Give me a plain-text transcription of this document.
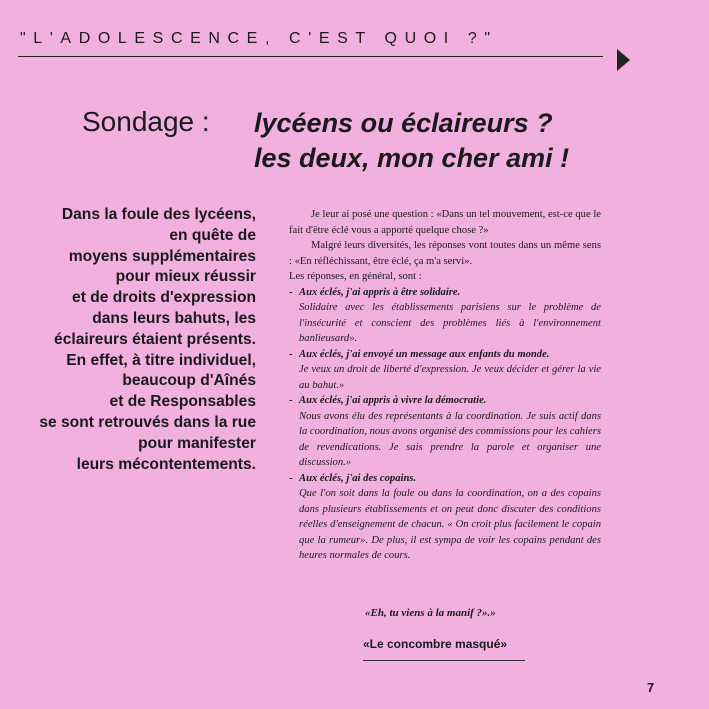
"L'ADOLESCENCE, C'EST QUOI ?"
Sondage : lycéens ou éclaireurs ?
les deux, mon cher ami !
Dans la foule des lycéens,
en quête de
moyens supplémentaires
pour mieux réussir
et de droits d'expression
dans leurs bahuts, les
éclaireurs étaient présents.
En effet, à titre individuel,
beaucoup d'Aînés
et de Responsables
se sont retrouvés dans la rue
pour manifester
leurs mécontentements.

Je leur ai posé une question : «Dans un tel mouvement, est-ce que le fait d'être éclé vous a apporté quelque chose ?»

Malgré leurs diversités, les réponses vont toutes dans un même sens : «En réfléchissant, être éclé, ça m'a servi».

Les réponses, en général, sont :

- Aux éclés, j'ai appris à être solidaire.

Solidaire avec les établissements parisiens sur le problème de l'insécurité et conscient des problèmes liés à l'environnement banlieusard».

- Aux éclés, j'ai envoyé un message aux enfants du monde.

Je veux un droit de liberté d'expression. Je veux décider et gérer la vie au bahut.»

- Aux éclés, j'ai appris à vivre la démocratie.

Nous avons élu des représentants à la coordination. Je suis actif dans la coordination, nous avons organisé des commissions pour les cahiers de revendications. Je sais prendre la parole et organiser une discussion.»

- Aux éclés, j'ai des copains.

Que l'on soit dans la foule ou dans la coordination, on a des copains dans plusieurs établissements et on peut donc discuter des conditions réelles d'enseignement de chacun. « On croit plus facilement le copain que la rumeur». De plus, il est sympa de voir les copains pendant des heures normales de cours.

«Eh, tu viens à la manif ?».»
«Le concombre masqué»
7
